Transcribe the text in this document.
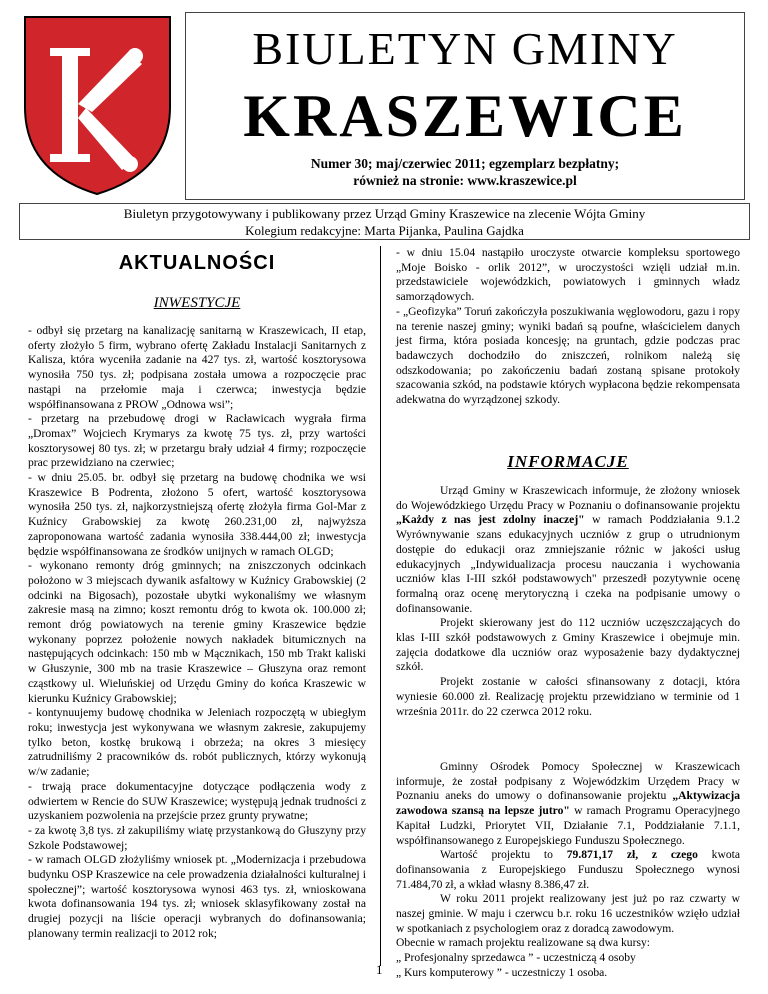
BIULETYN GMINY
KRASZEWICE
Numer 30; maj/czerwiec 2011; egzemplarz bezpłatny;
również na stronie: www.kraszewice.pl
Biuletyn przygotowywany i publikowany przez Urząd Gminy Kraszewice na zlecenie Wójta Gminy
Kolegium redakcyjne: Marta Pijanka, Paulina Gajdka
AKTUALNOŚCI
INWESTYCJE

- odbył się przetarg na kanalizację sanitarną w Kraszewicach, II etap, oferty złożyło 5 firm, wybrano ofertę Zakładu Instalacji Sanitarnych z Kalisza, która wyceniła zadanie na 427 tys. zł, wartość kosztorysowa wynosiła 750 tys. zł; podpisana została umowa a rozpoczęcie prac nastąpi na przełomie maja i czerwca; inwestycja będzie współfinansowana z PROW „Odnowa wsi”;

- przetarg na przebudowę drogi w Racławicach wygrała firma „Dromax” Wojciech Krymarys za kwotę 75 tys. zł, przy wartości kosztorysowej 80 tys. zł; w przetargu brały udział 4 firmy; rozpoczęcie prac przewidziano na czerwiec;

- w dniu 25.05. br. odbył się przetarg na budowę chodnika we wsi Kraszewice B Podrenta, złożono 5 ofert, wartość kosztorysowa wynosiła 250 tys. zł, najkorzystniejszą ofertę złożyła firma Gol-Mar z Kuźnicy Grabowskiej za kwotę 260.231,00 zł, najwyższa zaproponowana wartość zadania wynosiła 338.444,00 zł; inwestycja będzie współfinansowana ze środków unijnych w ramach OLGD;

- wykonano remonty dróg gminnych; na zniszczonych odcinkach położono w 3 miejscach dywanik asfaltowy w Kuźnicy Grabowskiej (2 odcinki na Bigosach), pozostałe ubytki wykonaliśmy we własnym zakresie masą na zimno; koszt remontu dróg to kwota ok. 100.000 zł; remont dróg powiatowych na terenie gminy Kraszewice będzie wykonany poprzez położenie nowych nakładek bitumicznych na następujących odcinkach: 150 mb w Mącznikach, 150 mb Trakt kaliski w Głuszynie, 300 mb na trasie Kraszewice – Głuszyna oraz remont cząstkowy ul. Wieluńskiej od Urzędu Gminy do końca Kraszewic w kierunku Kuźnicy Grabowskiej;

- kontynuujemy budowę chodnika w Jeleniach rozpoczętą w ubiegłym roku; inwestycja jest wykonywana we własnym zakresie, zakupujemy tylko beton, kostkę brukową i obrzeża; na okres 3 miesięcy zatrudniliśmy 2 pracowników ds. robót publicznych, którzy wykonują w/w zadanie;

- trwają prace dokumentacyjne dotyczące podłączenia wody z odwiertem w Rencie do SUW Kraszewice; występują jednak trudności z uzyskaniem pozwolenia na przejście przez grunty prywatne;

- za kwotę 3,8 tys. zł zakupiliśmy wiatę przystankową do Głuszyny przy Szkole Podstawowej;

- w ramach OLGD złożyliśmy wniosek pt. „Modernizacja i przebudowa budynku OSP Kraszewice na cele prowadzenia działalności kulturalnej i społecznej”; wartość kosztorysowa wynosi 463 tys. zł, wnioskowana kwota dofinansowania 194 tys. zł; wniosek sklasyfikowany został na drugiej pozycji na liście operacji wybranych do dofinansowania; planowany termin realizacji to 2012 rok;

- w dniu 15.04 nastąpiło uroczyste otwarcie kompleksu sportowego „Moje Boisko - orlik 2012”, w uroczystości wzięli udział m.in. przedstawiciele wojewódzkich, powiatowych i gminnych władz samorządowych.

- „Geofizyka” Toruń zakończyła poszukiwania węglowodoru, gazu i ropy na terenie naszej gminy; wyniki badań są poufne, właścicielem danych jest firma, która posiada koncesję; na gruntach, gdzie podczas prac badawczych dochodziło do zniszczeń, rolnikom należą się odszkodowania; po zakończeniu badań zostaną spisane protokoły szacowania szkód, na podstawie których wypłacona będzie rekompensata adekwatna do wyrządzonej szkody.

INFORMACJE

Urząd Gminy w Kraszewicach informuje, że złożony wniosek do Wojewódzkiego Urzędu Pracy w Poznaniu o dofinansowanie projektu „Każdy z nas jest zdolny inaczej" w ramach Poddziałania 9.1.2 Wyrównywanie szans edukacyjnych uczniów z grup o utrudnionym dostępie do edukacji oraz zmniejszanie różnic w jakości usług edukacyjnych „Indywidualizacja procesu nauczania i wychowania uczniów klas I-III szkół podstawowych" przeszedł pozytywnie ocenę formalną oraz ocenę merytoryczną i czeka na podpisanie umowy o dofinansowanie.

Projekt skierowany jest do 112 uczniów uczęszczających do klas I-III szkół podstawowych z Gminy Kraszewice i obejmuje min. zajęcia dodatkowe dla uczniów oraz wyposażenie bazy dydaktycznej szkół.

Projekt zostanie w całości sfinansowany z dotacji, która wyniesie 60.000 zł. Realizację projektu przewidziano w terminie od 1 września 2011r. do 22 czerwca 2012 roku.

Gminny Ośrodek Pomocy Społecznej w Kraszewicach informuje, że został podpisany z Wojewódzkim Urzędem Pracy w Poznaniu aneks do umowy o dofinansowanie projektu „Aktywizacja zawodowa szansą na lepsze jutro" w ramach Programu Operacyjnego Kapitał Ludzki, Priorytet VII, Działanie 7.1, Poddziałanie 7.1.1, współfinansowanego z Europejskiego Funduszu Społecznego.

Wartość projektu to 79.871,17 zł, z czego kwota dofinansowania z Europejskiego Funduszu Społecznego wynosi 71.484,70 zł, a wkład własny 8.386,47 zł.

W roku 2011 projekt realizowany jest już po raz czwarty w naszej gminie. W maju i czerwcu b.r. roku 16 uczestników wzięło udział w spotkaniach z psychologiem oraz z doradcą zawodowym.

Obecnie w ramach projektu realizowane są dwa kursy:

„ Profesjonalny sprzedawca ” - uczestniczą 4 osoby

„ Kurs komputerowy ” - uczestniczy 1 osoba.

1
